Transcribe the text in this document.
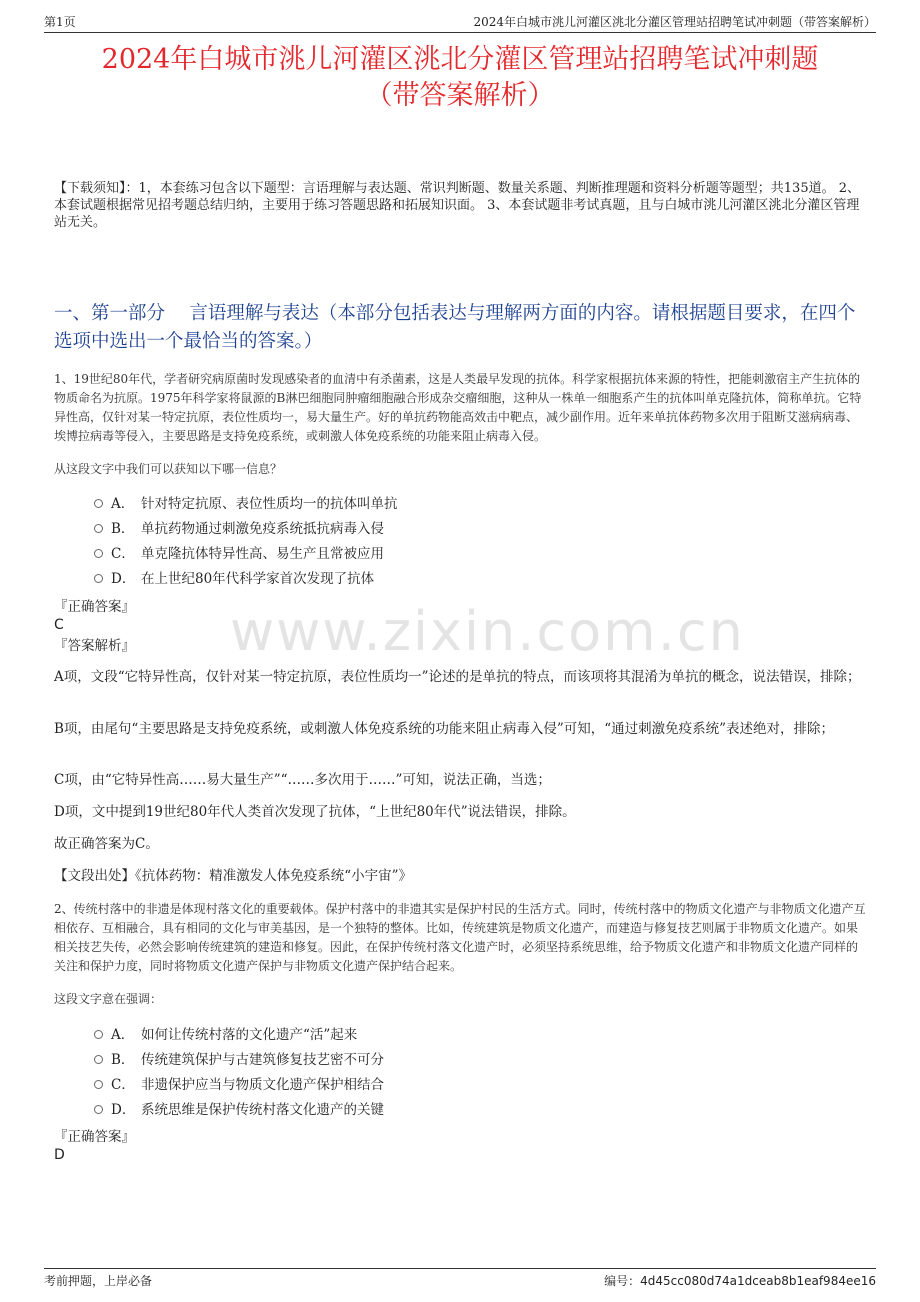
第1页	2024年白城市洮儿河灌区洮北分灌区管理站招聘笔试冲刺题（带答案解析）
2024年白城市洮儿河灌区洮北分灌区管理站招聘笔试冲刺题
（带答案解析）
【下载须知】：1，本套练习包含以下题型：言语理解与表达题、常识判断题、数量关系题、判断推理题和资料分析题等题型；共135道。 2、本套试题根据常见招考题总结归纳，主要用于练习答题思路和拓展知识面。 3、本套试题非考试真题，且与白城市洮儿河灌区洮北分灌区管理站无关。
一、第一部分　 言语理解与表达（本部分包括表达与理解两方面的内容。请根据题目要求，在四个选项中选出一个最恰当的答案。）

1、19世纪80年代，学者研究病原菌时发现感染者的血清中有杀菌素，这是人类最早发现的抗体。科学家根据抗体来源的特性，把能刺激宿主产生抗体的物质命名为抗原。1975年科学家将鼠源的B淋巴细胞同肿瘤细胞融合形成杂交瘤细胞，这种从一株单一细胞系产生的抗体叫单克隆抗体，简称单抗。它特异性高，仅针对某一特定抗原，表位性质均一，易大量生产。好的单抗药物能高效击中靶点，减少副作用。近年来单抗体药物多次用于阻断艾滋病病毒、埃博拉病毒等侵入，主要思路是支持免疫系统，或刺激人体免疫系统的功能来阻止病毒入侵。

从这段文字中我们可以获知以下哪一信息？
A． 针对特定抗原、表位性质均一的抗体叫单抗
B． 单抗药物通过刺激免疫系统抵抗病毒入侵
C． 单克隆抗体特异性高、易生产且常被应用
D． 在上世纪80年代科学家首次发现了抗体
『正确答案』
C
『答案解析』

A项，文段“它特异性高，仅针对某一特定抗原，表位性质均一”论述的是单抗的特点，而该项将其混淆为单抗的概念，说法错误，排除；

B项，由尾句“主要思路是支持免疫系统，或刺激人体免疫系统的功能来阻止病毒入侵”可知，“通过刺激免疫系统”表述绝对，排除；

C项，由“它特异性高……易大量生产”“……多次用于……”可知，说法正确，当选；

D项，文中提到19世纪80年代人类首次发现了抗体，“上世纪80年代”说法错误，排除。

故正确答案为C。

【文段出处】《抗体药物：精准激发人体免疫系统“小宇宙”》

2、传统村落中的非遗是体现村落文化的重要载体。保护村落中的非遗其实是保护村民的生活方式。同时，传统村落中的物质文化遗产与非物质文化遗产互相依存、互相融合，具有相同的文化与审美基因，是一个独特的整体。比如，传统建筑是物质文化遗产，而建造与修复技艺则属于非物质文化遗产。如果相关技艺失传，必然会影响传统建筑的建造和修复。因此，在保护传统村落文化遗产时，必须坚持系统思维，给予物质文化遗产和非物质文化遗产同样的关注和保护力度，同时将物质文化遗产保护与非物质文化遗产保护结合起来。

这段文字意在强调：
A． 如何让传统村落的文化遗产“活”起来
B． 传统建筑保护与古建筑修复技艺密不可分
C． 非遗保护应当与物质文化遗产保护相结合
D． 系统思维是保护传统村落文化遗产的关键
『正确答案』
D
www.zixin.com.cn
考前押题，上岸必备	编号：4d45cc080d74a1dceab8b1eaf984ee16
